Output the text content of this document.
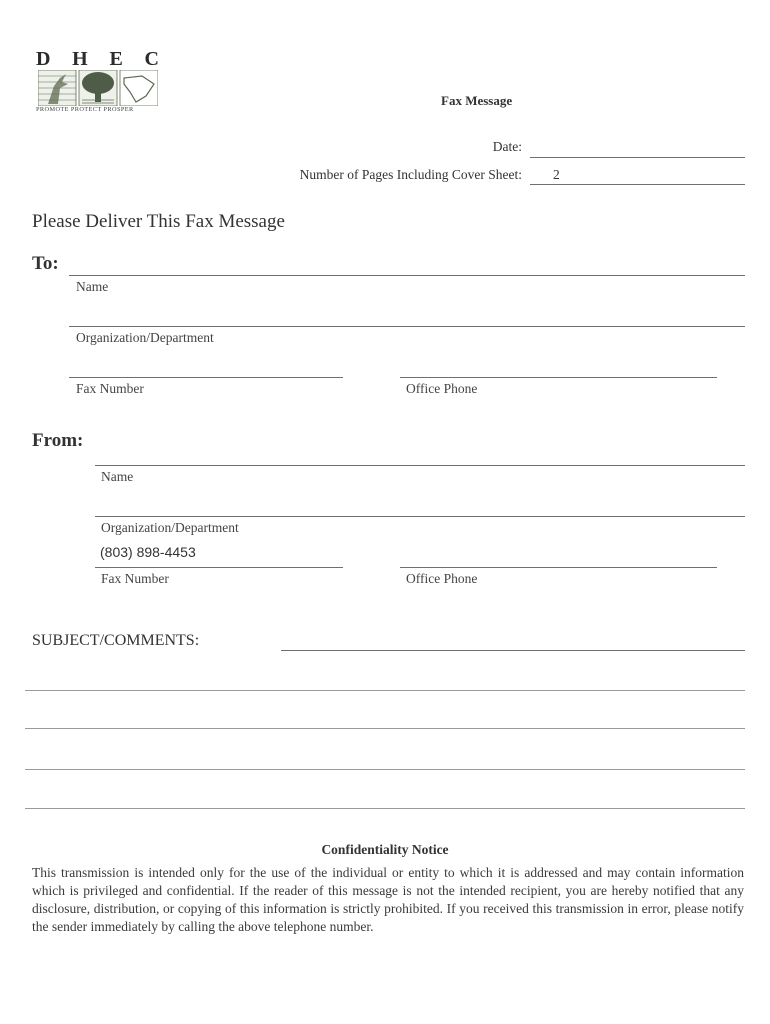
D H E C
PROMOTE PROTECT PROSPER
Fax Message
Date:
Number of Pages Including Cover Sheet: 2
Please Deliver This Fax Message
To:
Name
Organization/Department
Fax Number	Office Phone
From:
Name
Organization/Department
(803) 898-4453
Fax Number	Office Phone
SUBJECT/COMMENTS:
Confidentiality Notice
This transmission is intended only for the use of the individual or entity to which it is addressed and may contain information which is privileged and confidential. If the reader of this message is not the intended recipient, you are hereby notified that any disclosure, distribution, or copying of this information is strictly prohibited. If you received this transmission in error, please notify the sender immediately by calling the above telephone number.
